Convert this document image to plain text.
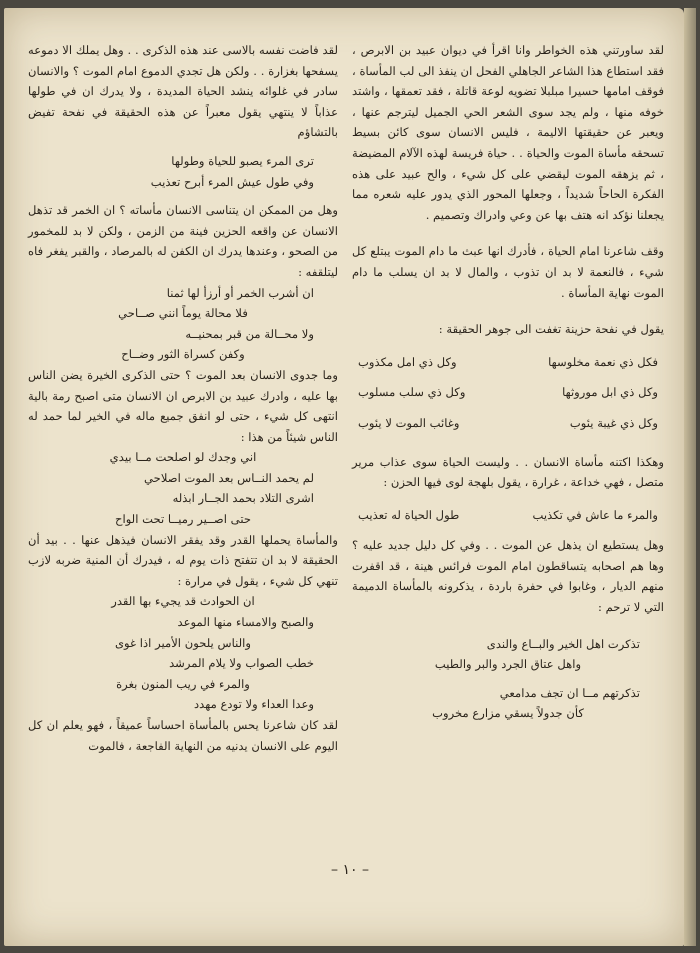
لقد ساورتني هذه الخواطر وانا اقرأ في ديوان عبيد بن الابرص ، فقد استطاع هذا الشاعر الجاهلي الفحل ان ينفذ الى لب المأساة ، فوقف امامها حسيرا مبلبلا تضويه لوعة قاتلة ، فقد تعمقها ، واشتد خوفه منها ، ولم يجد سوى الشعر الحي الجميل ليترجم عنها ، ويعبر عن حقيقتها الاليمة ، فليس الانسان سوى كائن بسيط تسحقه مأساة الموت والحياة . . حياة فريسة لهذه الآلام المضيضة ، ثم يزهقه الموت ليقضي على كل شيء ، والح عبيد على هذه الفكرة الحاحاً شديداً ، وجعلها المحور الذي يدور عليه شعره مما يجعلنا نؤكد انه هتف بها عن وعي وادراك وتصميم .

وقف شاعرنا امام الحياة ، فأدرك انها عبث ما دام الموت يبتلع كل شيء ، فالنعمة لا بد ان تذوب ، والمال لا بد ان يسلب ما دام الموت نهاية المأساة .

يقول في نفحة حزينة تغفت الى جوهر الحقيقة :

فكل ذي نعمة مخلوسها
وكل ذي امل مكذوب
وكل ذي ابل موروثها
وكل ذي سلب مسلوب
وكل ذي غيبة يئوب
وغائب الموت لا يئوب

وهكذا اكتنه مأساة الانسان . . وليست الحياة سوى عذاب مرير متصل ، فهي خداعة ، غرارة ، يقول بلهجة لوى فيها الحزن :

والمرء ما عاش في تكذيب
طول الحياة له تعذيب

وهل يستطيع ان يذهل عن الموت . . وفي كل دليل جديد عليه ؟ وها هم اصحابه يتساقطون امام الموت فرائس هينة ، قد اقفرت منهم الديار ، وغابوا في حفرة باردة ، يذكرونه بالمأساة الدميمة التي لا ترحم :

تذكرت اهل الخير والبــاع والندى

واهل عتاق الجرد والبر والطيب

تذكرتهم مــا ان تجف مدامعي

كأن جدولاً يسقي مزارع مخروب

لقد فاضت نفسه بالاسى عند هذه الذكرى . . وهل يملك الا دموعه يسفحها بغزارة . . ولكن هل تجدي الدموع امام الموت ؟ والانسان سادر في غلوائه ينشد الحياة المديدة ، ولا يدرك ان في طولها عذاباً لا ينتهي يقول معبراً عن هذه الحقيقة في نفحة تفيض بالتشاؤم

ترى المرء يصبو للحياة وطولها

وفي طول عيش المرء أبرح تعذيب

وهل من الممكن ان يتناسى الانسان مأساته ؟ ان الخمر قد تذهل الانسان عن واقعه الحزين فينة من الزمن ، ولكن لا بد للمخمور من الصحو ، وعندها يدرك ان الكفن له بالمرصاد ، والقبر يفغر فاه ليتلقفه :

ان أشرب الخمر أو أرزأ لها ثمنا

فلا محالة يوماً انني صــاحي

ولا محــالة من قبر بمحنيــه

وكفن كسراة الثور وضــاح

وما جدوى الانسان بعد الموت ؟ حتى الذكرى الخيرة يضن الناس بها عليه ، وادرك عبيد بن الابرص ان الانسان متى اصبح رمة بالية انتهى كل شيء ، حتى لو انفق جميع ماله في الخير لما حمد له الناس شيئاً من هذا :

اني وجدك لو اصلحت مــا بيدي

لم يحمد النــاس بعد الموت اصلاحي

اشرى التلاد بحمد الجــار ابذله

حتى اصــير رميــا تحت الواح

والمأساة يحملها القدر وقد يفقر الانسان فيذهل عنها . . بيد أن الحقيقة لا بد ان تتفتح ذات يوم له ، فيدرك أن المنية ضربه لازب تنهي كل شيء ، يقول في مرارة :

ان الحوادث قد يجيء بها القدر

والصبح والامساء منها الموعد

والناس يلحون الأمير اذا غوى

خطب الصواب ولا يلام المرشد

والمرء في ريب المنون بغرة

وعدا العداء ولا تودع مهدد

لقد كان شاعرنا يحس بالمأساة احساساً عميقاً ، فهو يعلم ان كل اليوم على الانسان يدنيه من النهاية الفاجعة ، فالموت

– ١٠ –
